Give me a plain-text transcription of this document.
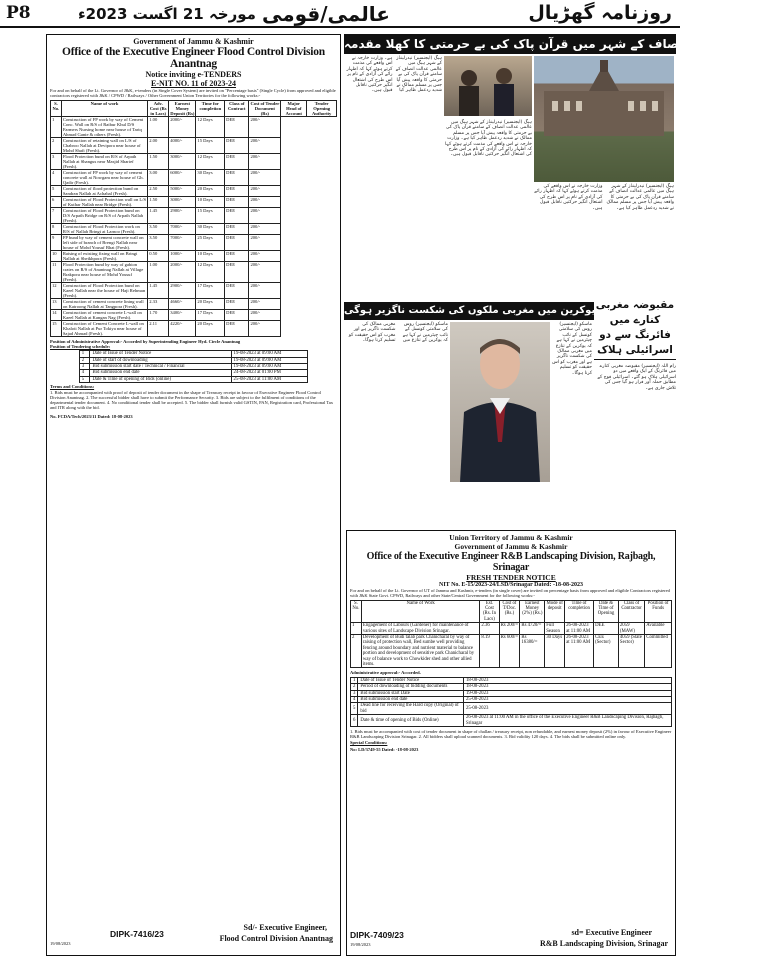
P8	مورخہ 21 اگست 2023ء عالمی/قومی	روزنامہ گھڑیال
Government of Jammu & Kashmir
Office of the Executive Engineer Flood Control Division Anantnag
Notice inviting e-TENDERS
E-NIT NO. 11 of 2023-24
For and on behalf of the Lt. Governor of J&K, e-tenders (in Single Cover System) are invited on "Percentage basis" (Single Cycle) from approved and eligible contractors registered with J&K / CPWD / Railways / Other Government Union Territories for the following works:-
S. No.	Name of work	Adv. Cost (Rs in Lacs)	Earnest Money Deposit (Rs)	Time for completion	Class of Contract	Cost of Tender Document (Rs)	Major Head of Account	Tender Opening Authority
1	Construction of FP work by way of Cement Conc. Wall on R/S of Ratbur Khul D/S Farmers Nursing home near house of Tariq Ahmad Ganie & others (Fresh).	1.00	2000/-	12 Days	DEE	200/-		
2	Construction of retaining wall on L/S of Chabroo Nallah at Devipora near house of Mohd Shafi (Fresh).	2.00	4000/-	15 Days	DEE	200/-		
3	Flood Protection bund on R/S of Arpath Nallah at Shangus near Masjid Sharief (Fresh).	1.50	3000/-	12 Days	DEE	200/-		
4	Construction of FP work by way of cement concrete wall at Nowgam near house of Gh. Qadir (Fresh).	3.00	6000/-	30 Days	DEE	200/-		
5	Construction of flood protection bund on Sandran Nallah at Achabal (Fresh).	2.50	5000/-	20 Days	DEE	200/-		
6	Construction of Flood Protection wall on L/S of Kuthar Nallah near Bridge (Fresh).	1.50	3000/-	10 Days	DEE	200/-		
7	Construction of Flood Protection bund on D/S Arpath Bridge on R/S of Arpath Nallah (Fresh).	1.45	2900/-	15 Days	DEE	200/-		
8	Construction of Flood Protection work on R/S of Nallah Bringi at Larnoo (Fresh).	3.50	7000/-	30 Days	DEE	200/-		
9	FP bund by way of cement concrete wall on left side of branch of Brengi Nallah near house of Mohd Yousuf Bhat (Fresh).	3.50	7000/-	25 Days	DEE	200/-		
10	Raising of existing fixing wall on Bringi Nallah at Sheikhpora (Fresh).	0.50	1000/-	10 Days	DEE	200/-		
11	Flood Protection bund by way of gabion crates on R/S of Anantnag Nallah at Village Brakpora near house of Mohd Yousuf (Fresh).	1.00	2000/-	12 Days	DEE	200/-		
12	Construction of Flood Protection bund on Kaeel Nallah near the house of Haji Rehman (Fresh).	1.45	2900/-	17 Days	DEE	200/-		
13	Construction of cement concrete lining wall on Katroong Nallah at Tangpora (Fresh).	2.33	4660/-	20 Days	DEE	200/-		
14	Construction of cement concrete L-wall on Kaeel Nallah at Kangan Nag (Fresh).	1.70	3400/-	17 Days	DEE	200/-		
15	Construction of Cement Concrete L-wall on Khaloti Nallah at Pur Tokiya near house of Sajad Ahmad (Fresh).	2.11	4220/-	20 Days	DEE	200/-		
Position of Administrative Approval:- Accorded by Superintending Engineer Hyd. Circle Anantnag
Position of Tendering schedule:
1	Date of Issue of Tender Notice	19-08-2023 at 09:00 AM
2	Date of start of downloading	19-08-2023 at 09:00 AM
3	Bid submission start date / Technical / Financial	19-08-2023 at 09:00 AM
4	Bid submission end date	24-08-2023 at 01:00 PM
5	Date & Time of opening of Bids (online)	25-08-2023 at 11:00 AM
Terms and Conditions:
1. Bids must be accompanied with proof of deposit of tender document in the shape of Treasury receipt in favour of Executive Engineer Flood Control Division Anantnag. 2. The successful bidder shall have to submit the Performance Security. 3. Bids are subject to the fulfilment of conditions of the departmental tender document. 4. No conditional tender shall be accepted. 5. The bidder shall furnish valid GSTIN, PAN, Registration card, Professional Tax and ITR along with the bid.
No. FCDA/Tech/2023/11 Dated: 18-08-2023
DIPK-7416/23
19/08/2023
Sd/- Executive Engineer,
Flood Control Division Anantnag
عالمی عدالت انصاف کے شہر میں قرآن پاک کی بے حرمتی کا کھلا مقدمہ
ہیگ (ایجنسیز) نیدرلینڈز کے شہر ہیگ میں عالمی عدالت انصاف کے سامنے قرآن پاک کی بے حرمتی کا واقعہ پیش آیا جس پر مسلم ممالک نے شدید ردعمل ظاہر کیا ہے۔ وزارت خارجہ نے اس واقعے کی مذمت کرتے ہوئے کہا کہ اظہار رائے کی آزادی کے نام پر اس طرح کی اشتعال انگیز حرکتیں ناقابل قبول ہیں۔
ہیگ (ایجنسیز) نیدرلینڈز کے شہر ہیگ میں عالمی عدالت انصاف کے سامنے قرآن پاک کی بے حرمتی کا واقعہ پیش آیا جس پر مسلم ممالک نے شدید ردعمل ظاہر کیا ہے۔ وزارت خارجہ نے اس واقعے کی مذمت کرتے ہوئے کہا کہ اظہار رائے کی آزادی کے نام پر اس طرح کی اشتعال انگیز حرکتیں ناقابل قبول ہیں۔
ہیگ (ایجنسیز) نیدرلینڈز کے شہر ہیگ میں عالمی عدالت انصاف کے سامنے قرآن پاک کی بے حرمتی کا واقعہ پیش آیا جس پر مسلم ممالک نے شدید ردعمل ظاہر کیا ہے۔ وزارت خارجہ نے اس واقعے کی مذمت کرتے ہوئے کہا کہ اظہار رائے کی آزادی کے نام پر اس طرح کی اشتعال انگیز حرکتیں ناقابل قبول ہیں۔
یوکرین میں مغربی ملکوں کی شکست ناگزیر ہوگی مقبوضہ مغربی کنارے میں فائرنگ سے دو اسرائیلی ہلاک
ماسکو (ایجنسیز) روس کی سلامتی کونسل کے نائب چیئرمین نے کہا ہے کہ یوکرین کے تنازع میں مغربی ممالک کی شکست ناگزیر ہے اور مغرب کو اس حقیقت کو تسلیم کرنا ہوگا۔
ماسکو (ایجنسیز) روس کی سلامتی کونسل کے نائب چیئرمین نے کہا ہے کہ یوکرین کے تنازع میں مغربی ممالک کی شکست ناگزیر ہے اور مغرب کو اس حقیقت کو تسلیم کرنا ہوگا۔
رام اللہ (ایجنسیز) مقبوضہ مغربی کنارے میں فائرنگ کے ایک واقعے میں دو اسرائیلی ہلاک ہو گئے۔ اسرائیلی فوج کے مطابق حملہ آور فرار ہو گیا جس کی تلاش جاری ہے۔
Union Territory of Jammu & Kashmir
Government of Jammu & Kashmir
Office of the Executive Engineer R&B Landscaping Division, Rajbagh, Srinagar
FRESH TENDER NOTICE
NIT No. E-15/2023-24/LSD/Srinagar Dated: -18-08-2023
For and on behalf of the Lt. Governor of UT of Jammu and Kashmir, e-tenders (in single cover) are invited on percentage basis from approved and eligible Contractors registered with J&K State Govt. CPWD, Railways and other State/Central Government for the following works:-
S. No.	Name of Work	Est. Cost (Rs. In Lacs)	Cost of T/Doc. (Rs.)	Earnest Money (2%) (Rs.)	Mode of deposit	Time of completion	Date & Time of Opening	Class of Contractor	Position of Funds
1	Engagement of Labours (Gardener) for maintenance of various sites of Landscape Division Srinagar.	2.36	Rs 200/=	Rs 4720/=	Full Season	26-08-2023 at 11:00 AM	DEE	2059 (MAW)	Available
2	Development of Budi talab park Chanicharal by way of raising of protection wall, Bed sumbe well providing fencing around boundary and nutrient material to balance portion and development of sensitive park Chanicharal by way of balance work to Chowkider shed and other allied items.	8.19	Rs 600/=	Rs 16380/=	30 Days	26-08-2023 at 11:00 AM	CEE (Sector)	4059 (State Sector)	Committed
Administrative approval:- Accorded.
1	Date of Issue of Tender Notice	18-08-2023
2	Period of downloading of bidding documents	18-08-2023
3	Bid submission start Date	19-08-2023
4	Bid submission end date	25-08-2023
5	Dead line for receiving the Hard copy (Original) of bid	25-08-2023
6	Date & time of opening of Bids (Online)	26-08-2023 at 11:00 AM in the office of the Executive Engineer R&B Landscaping Division, Rajbagh, Srinagar
1. Bids must be accompanied with cost of tender document in shape of challan / treasury receipt, non refundable, and earnest money deposit (2%) in favour of Executive Engineer R&B Landscaping Division Srinagar. 2. All bidders shall upload scanned documents. 3. Bid validity 120 days. 4. The bids shall be submitted online only.
Special Conditions:
No: LD/3749-55 Dated: -18-08-2023
DIPK-7409/23
19/08/2023
sd= Executive Engineer
R&B Landscaping Division, Srinagar
